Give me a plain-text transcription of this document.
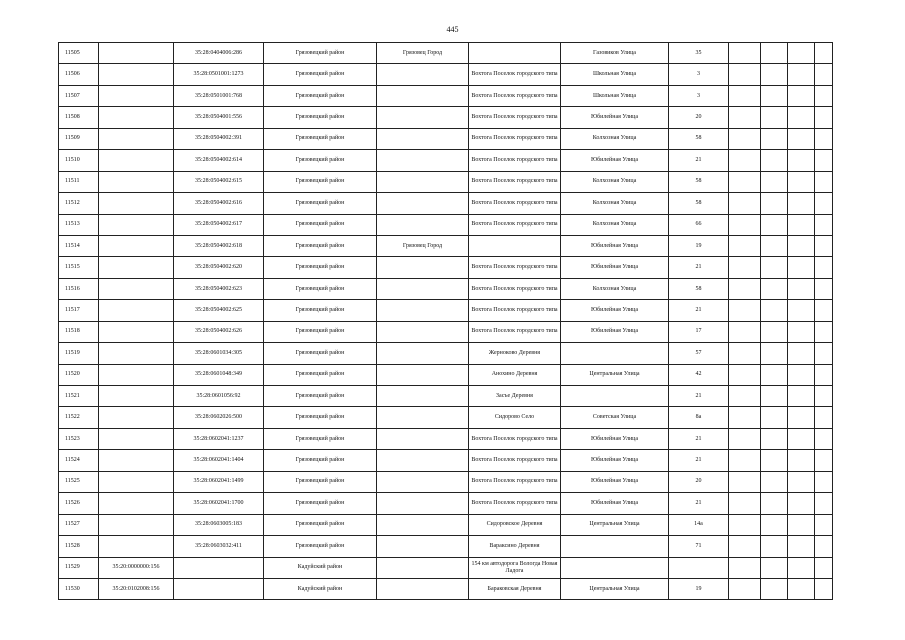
445
11505		35:28:0404006:286	Грязовецкий район	Грязовец Город		Газовиков Улица	35				
11506		35:28:0501001:1273	Грязовецкий район		Вохтога Поселок городского типа	Школьная Улица	3				
11507		35:28:0501001:768	Грязовецкий район		Вохтога Поселок городского типа	Школьная Улица	3				
11508		35:28:0504001:556	Грязовецкий район		Вохтога Поселок городского типа	Юбилейная Улица	20				
11509		35:28:0504002:391	Грязовецкий район		Вохтога Поселок городского типа	Колхозная Улица	58				
11510		35:28:0504002:614	Грязовецкий район		Вохтога Поселок городского типа	Юбилейная Улица	21				
11511		35:28:0504002:615	Грязовецкий район		Вохтога Поселок городского типа	Колхозная Улица	58				
11512		35:28:0504002:616	Грязовецкий район		Вохтога Поселок городского типа	Колхозная Улица	58				
11513		35:28:0504002:617	Грязовецкий район		Вохтога Поселок городского типа	Колхозная Улица	66				
11514		35:28:0504002:618	Грязовецкий район	Грязовец Город		Юбилейная Улица	19				
11515		35:28:0504002:620	Грязовецкий район		Вохтога Поселок городского типа	Юбилейная Улица	21				
11516		35:28:0504002:623	Грязовецкий район		Вохтога Поселок городского типа	Колхозная Улица	58				
11517		35:28:0504002:625	Грязовецкий район		Вохтога Поселок городского типа	Юбилейная Улица	21				
11518		35:28:0504002:626	Грязовецкий район		Вохтога Поселок городского типа	Юбилейная Улица	17				
11519		35:28:0601034:305	Грязовецкий район		Жерноково Деревня		57				
11520		35:28:0601048:349	Грязовецкий район		Анохино Деревня	Центральная Улица	42				
11521		35:28:0601056:92	Грязовецкий район		Засъе Деревня		21				
11522		35:28:0602026:500	Грязовецкий район		Сидорово Село	Советская Улица	8а				
11523		35:28:0602041:1237	Грязовецкий район		Вохтога Поселок городского типа	Юбилейная Улица	21				
11524		35:28:0602041:1404	Грязовецкий район		Вохтога Поселок городского типа	Юбилейная Улица	21				
11525		35:28:0602041:1499	Грязовецкий район		Вохтога Поселок городского типа	Юбилейная Улица	20				
11526		35:28:0602041:1700	Грязовецкий район		Вохтога Поселок городского типа	Юбилейная Улица	21				
11527		35:28:0603005:183	Грязовецкий район		Сидоровское Деревня	Центральная Улица	14а				
11528		35:28:0603032:411	Грязовецкий район		Вараксино Деревня		71				
11529	35:20:0000000:156		Кадуйский район		154 км автодорога Вологда Новая Ладога						
11530	35:20:0102008:156		Кадуйский район		Бараковская Деревня	Центральная Улица	19				
